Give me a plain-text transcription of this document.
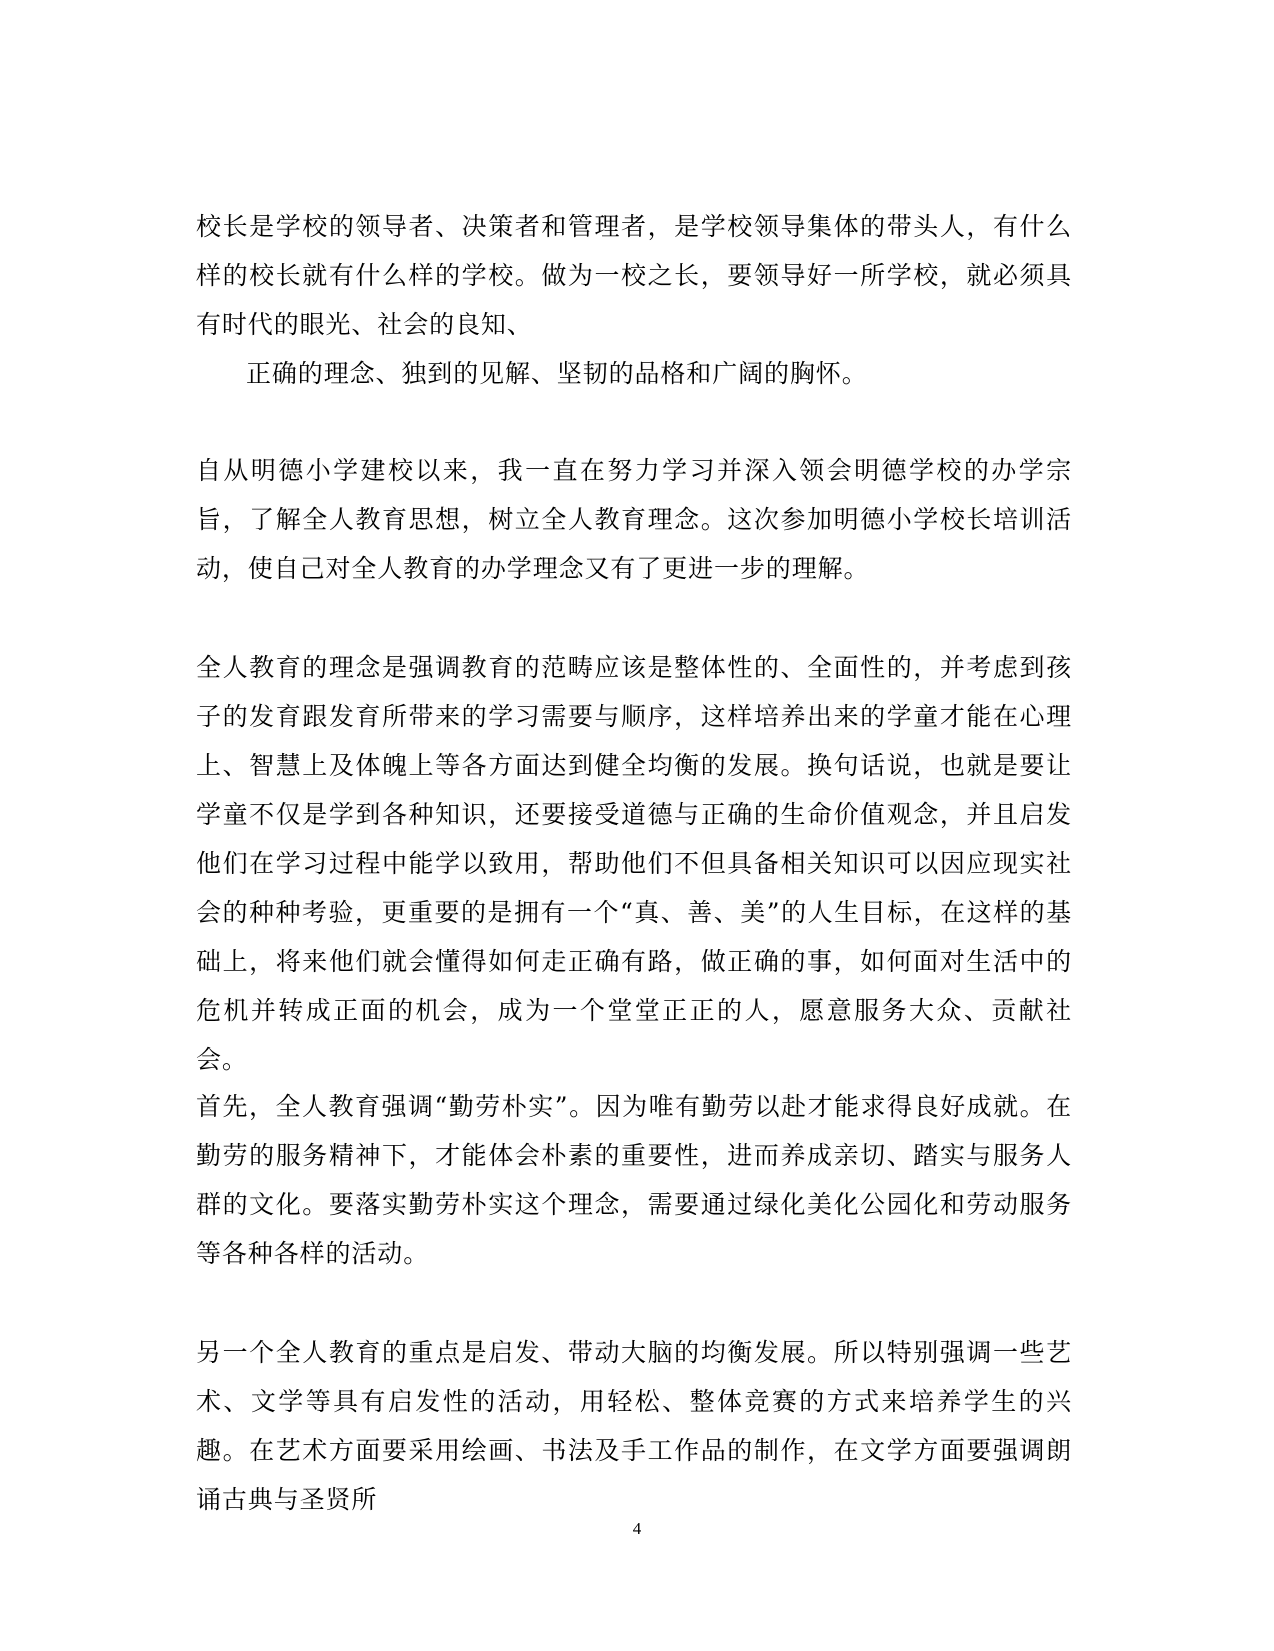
校长是学校的领导者、决策者和管理者，是学校领导集体的带头人，有什么样的校长就有什么样的学校。做为一校之长，要领导好一所学校，就必须具有时代的眼光、社会的良知、

正确的理念、独到的见解、坚韧的品格和广阔的胸怀。

自从明德小学建校以来，我一直在努力学习并深入领会明德学校的办学宗旨，了解全人教育思想，树立全人教育理念。这次参加明德小学校长培训活动，使自己对全人教育的办学理念又有了更进一步的理解。

全人教育的理念是强调教育的范畴应该是整体性的、全面性的，并考虑到孩子的发育跟发育所带来的学习需要与顺序，这样培养出来的学童才能在心理上、智慧上及体魄上等各方面达到健全均衡的发展。换句话说，也就是要让学童不仅是学到各种知识，还要接受道德与正确的生命价值观念，并且启发他们在学习过程中能学以致用，帮助他们不但具备相关知识可以因应现实社会的种种考验，更重要的是拥有一个“真、善、美”的人生目标，在这样的基础上，将来他们就会懂得如何走正确有路，做正确的事，如何面对生活中的危机并转成正面的机会，成为一个堂堂正正的人，愿意服务大众、贡献社会。

首先，全人教育强调“勤劳朴实”。因为唯有勤劳以赴才能求得良好成就。在勤劳的服务精神下，才能体会朴素的重要性，进而养成亲切、踏实与服务人群的文化。要落实勤劳朴实这个理念，需要通过绿化美化公园化和劳动服务等各种各样的活动。

另一个全人教育的重点是启发、带动大脑的均衡发展。所以特别强调一些艺术、文学等具有启发性的活动，用轻松、整体竞赛的方式来培养学生的兴趣。在艺术方面要采用绘画、书法及手工作品的制作，在文学方面要强调朗诵古典与圣贤所

4
